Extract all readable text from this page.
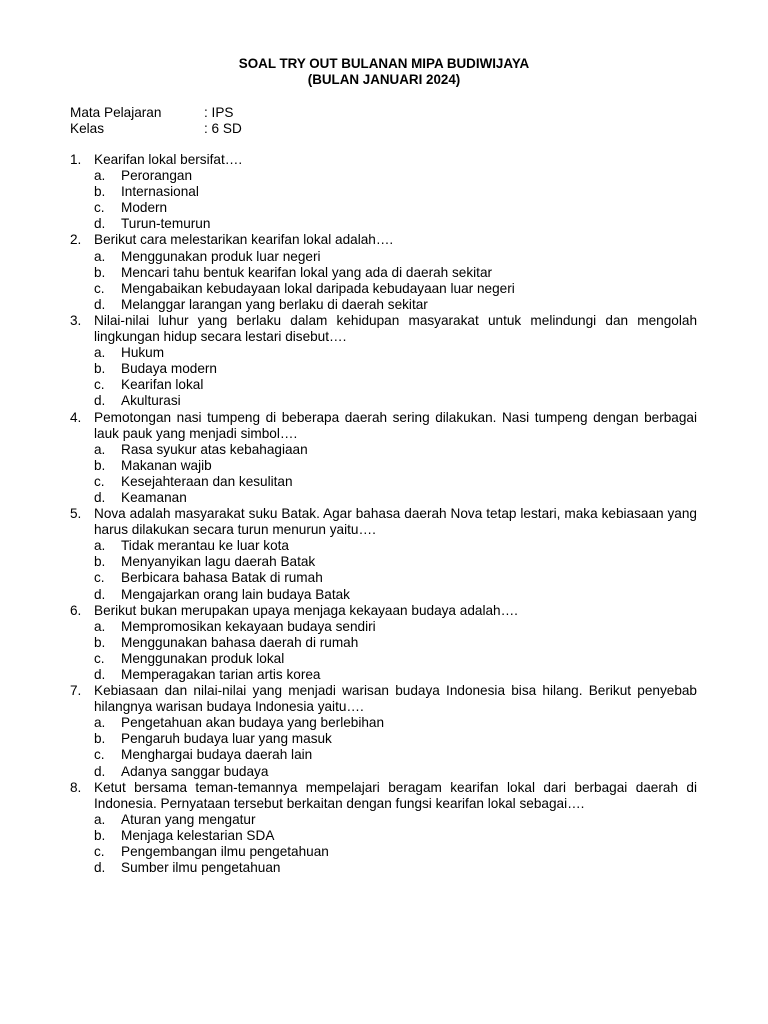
SOAL TRY OUT BULANAN MIPA BUDIWIJAYA
(BULAN JANUARI 2024)
Mata Pelajaran	: IPS
Kelas	: 6 SD
1. Kearifan lokal bersifat….
a.	Perorangan
b.	Internasional
c.	Modern
d.	Turun-temurun
2. Berikut cara melestarikan kearifan lokal adalah….
a.	Menggunakan produk luar negeri
b.	Mencari tahu bentuk kearifan lokal yang ada di daerah sekitar
c.	Mengabaikan kebudayaan lokal daripada kebudayaan luar negeri
d.	Melanggar larangan yang berlaku di daerah sekitar
3. Nilai-nilai luhur yang berlaku dalam kehidupan masyarakat untuk melindungi dan mengolah lingkungan hidup secara lestari disebut….
a.	Hukum
b.	Budaya modern
c.	Kearifan lokal
d.	Akulturasi
4. Pemotongan nasi tumpeng di beberapa daerah sering dilakukan. Nasi tumpeng dengan berbagai lauk pauk yang menjadi simbol….
a.	Rasa syukur atas kebahagiaan
b.	Makanan wajib
c.	Kesejahteraan dan kesulitan
d.	Keamanan
5. Nova adalah masyarakat suku Batak. Agar bahasa daerah Nova tetap lestari, maka kebiasaan yang harus dilakukan secara turun menurun yaitu….
a.	Tidak merantau ke luar kota
b.	Menyanyikan lagu daerah Batak
c.	Berbicara bahasa Batak di rumah
d.	Mengajarkan orang lain budaya Batak
6. Berikut bukan merupakan upaya menjaga kekayaan budaya adalah….
a.	Mempromosikan kekayaan budaya sendiri
b.	Menggunakan bahasa daerah di rumah
c.	Menggunakan produk lokal
d.	Memperagakan tarian artis korea
7. Kebiasaan dan nilai-nilai yang menjadi warisan budaya Indonesia bisa hilang. Berikut penyebab hilangnya warisan budaya Indonesia yaitu….
a.	Pengetahuan akan budaya yang berlebihan
b.	Pengaruh budaya luar yang masuk
c.	Menghargai budaya daerah lain
d.	Adanya sanggar budaya
8. Ketut bersama teman-temannya mempelajari beragam kearifan lokal dari berbagai daerah di Indonesia. Pernyataan tersebut berkaitan dengan fungsi kearifan lokal sebagai….
a.	Aturan yang mengatur
b.	Menjaga kelestarian SDA
c.	Pengembangan ilmu pengetahuan
d.	Sumber ilmu pengetahuan
